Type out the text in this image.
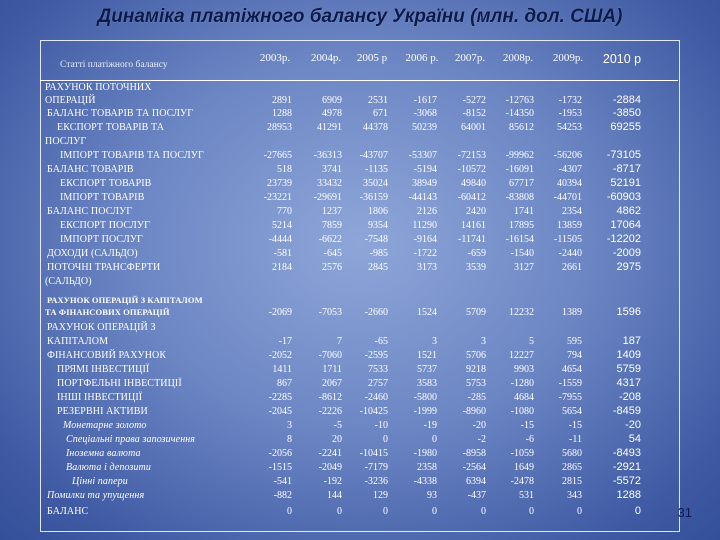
Динаміка платіжного балансу України (млн. дол. США)
Статті платіжного балансу
2003р.	2004р.	2005 р	2006 р.	2007р.	2008р.	2009р.	2010 р
РАХУНОК ПОТОЧНИХ
ОПЕРАЦІЙ	2891	6909	2531	-1617	-5272	-12763	-1732	-2884
БАЛАНС ТОВАРІВ ТА ПОСЛУГ	1288	4978	671	-3068	-8152	-14350	-1953	-3850
ЕКСПОРТ ТОВАРІВ ТА	28953	41291	44378	50239	64001	85612	54253	69255
ПОСЛУГ
ІМПОРТ ТОВАРІВ ТА ПОСЛУГ	-27665	-36313	-43707	-53307	-72153	-99962	-56206	-73105
БАЛАНС ТОВАРІВ	518	3741	-1135	-5194	-10572	-16091	-4307	-8717
ЕКСПОРТ ТОВАРІВ	23739	33432	35024	38949	49840	67717	40394	52191
ІМПОРТ ТОВАРІВ	-23221	-29691	-36159	-44143	-60412	-83808	-44701	-60903
БАЛАНС ПОСЛУГ	770	1237	1806	2126	2420	1741	2354	4862
ЕКСПОРТ ПОСЛУГ	5214	7859	9354	11290	14161	17895	13859	17064
ІМПОРТ ПОСЛУГ	-4444	-6622	-7548	-9164	-11741	-16154	-11505	-12202
ДОХОДИ (САЛЬДО)	-581	-645	-985	-1722	-659	-1540	-2440	-2009
ПОТОЧНІ ТРАНСФЕРТИ	2184	2576	2845	3173	3539	3127	2661	2975
(САЛЬДО)
РАХУНОК ОПЕРАЦІЙ З КАПІТАЛОМ
ТА ФІНАНСОВИХ ОПЕРАЦІЙ	-2069	-7053	-2660	1524	5709	12232	1389	1596
РАХУНОК ОПЕРАЦІЙ З
КАПІТАЛОМ	-17	7	-65	3	3	5	595	187
ФІНАНСОВИЙ РАХУНОК	-2052	-7060	-2595	1521	5706	12227	794	1409
ПРЯМІ ІНВЕСТИЦІЇ	1411	1711	7533	5737	9218	9903	4654	5759
ПОРТФЕЛЬНІ ІНВЕСТИЦІЇ	867	2067	2757	3583	5753	-1280	-1559	4317
ІНШІ ІНВЕСТИЦІЇ	-2285	-8612	-2460	-5800	-285	4684	-7955	-208
РЕЗЕРВНІ АКТИВИ	-2045	-2226	-10425	-1999	-8960	-1080	5654	-8459
Монетарне золото	3	-5	-10	-19	-20	-15	-15	-20
Спеціальні права запозичення	8	20	0	0	-2	-6	-11	54
Іноземна валюта	-2056	-2241	-10415	-1980	-8958	-1059	5680	-8493
Валюта і депозити	-1515	-2049	-7179	2358	-2564	1649	2865	-2921
Цінні папери	-541	-192	-3236	-4338	6394	-2478	2815	-5572
Помилки та упущення	-882	144	129	93	-437	531	343	1288
БАЛАНС	0	0	0	0	0	0	0	0	31
